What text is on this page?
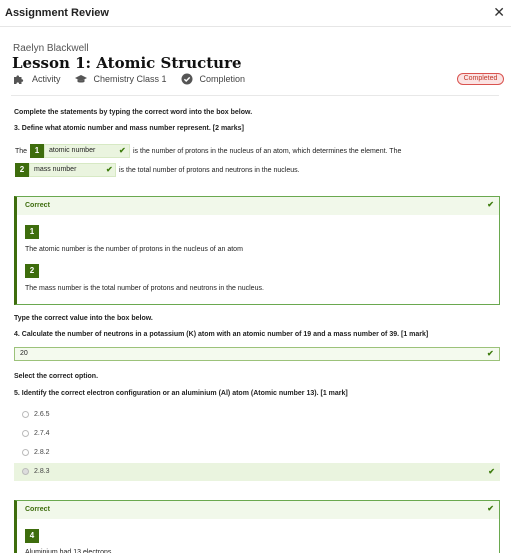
Assignment Review	✕
Raelyn Blackwell
Lesson 1: Atomic Structure
Activity	Chemistry Class 1	Completion	Completed
Complete the statements by typing the correct word into the box below.
3. Define what atomic number and mass number represent. [2 marks]
The 1	atomic number	✔ is the number of protons in the nucleus of an atom, which determines the element. The
2	mass number	✔ is the total number of protons and neutrons in the nucleus.
Correct	✔
1
The atomic number is the number of protons in the nucleus of an atom
2
The mass number is the total number of protons and neutrons in the nucleus.
Type the correct value into the box below.
4. Calculate the number of neutrons in a potassium (K) atom with an atomic number of 19 and a mass number of 39. [1 mark]
20	✔
Select the correct option.
5. Identify the correct electron configuration or an aluminium (Al) atom (Atomic number 13). [1 mark]
2.6.5
2.7.4
2.8.2
2.8.3	✔
Correct	✔
4
Aluminium had 13 electrons.
